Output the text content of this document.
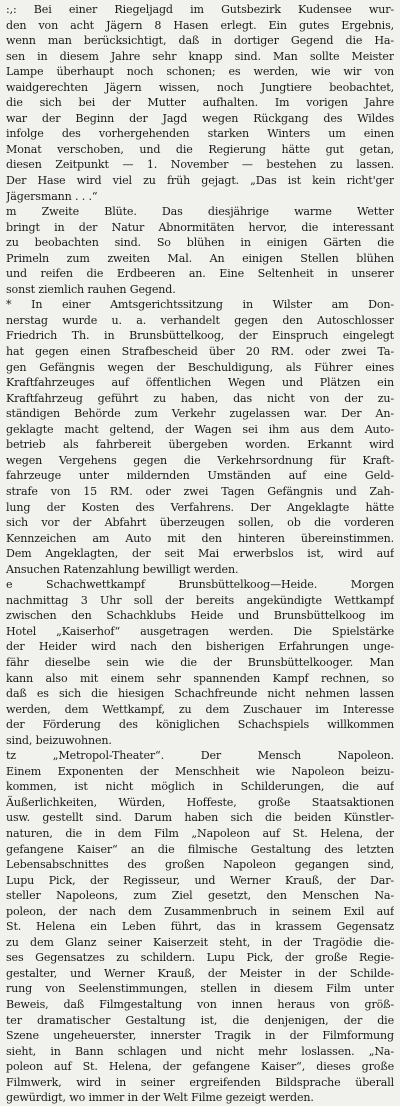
:,: Bei einer Riegeljagd im Gutsbezirk Kudensee wur-
den von acht Jägern 8 Hasen erlegt. Ein gutes Ergebnis,
wenn man berücksichtigt, daß in dortiger Gegend die Ha-
sen in diesem Jahre sehr knapp sind. Man sollte Meister
Lampe überhaupt noch schonen; es werden, wie wir von
waidgerechten Jägern wissen, noch Jungtiere beobachtet,
die sich bei der Mutter aufhalten. Im vorigen Jahre
war der Beginn der Jagd wegen Rückgang des Wildes
infolge des vorhergehenden starken Winters um einen
Monat verschoben, und die Regierung hätte gut getan,
diesen Zeitpunkt — 1. November — bestehen zu lassen.
Der Hase wird viel zu früh gejagt. „Das ist kein richt'ger
Jägersmann . . .“
m Zweite Blüte. Das diesjährige warme Wetter
bringt in der Natur Abnormitäten hervor, die interessant
zu beobachten sind. So blühen in einigen Gärten die
Primeln zum zweiten Mal. An einigen Stellen blühen
und reifen die Erdbeeren an. Eine Seltenheit in unserer
sonst ziemlich rauhen Gegend.
* In einer Amtsgerichtssitzung in Wilster am Don-
nerstag wurde u. a. verhandelt gegen den Autoschlosser
Friedrich Th. in Brunsbüttelkoog, der Einspruch eingelegt
hat gegen einen Strafbescheid über 20 RM. oder zwei Ta-
gen Gefängnis wegen der Beschuldigung, als Führer eines
Kraftfahrzeuges auf öffentlichen Wegen und Plätzen ein
Kraftfahrzeug geführt zu haben, das nicht von der zu-
ständigen Behörde zum Verkehr zugelassen war. Der An-
geklagte macht geltend, der Wagen sei ihm aus dem Auto-
betrieb als fahrbereit übergeben worden. Erkannt wird
wegen Vergehens gegen die Verkehrsordnung für Kraft-
fahrzeuge unter mildernden Umständen auf eine Geld-
strafe von 15 RM. oder zwei Tagen Gefängnis und Zah-
lung der Kosten des Verfahrens. Der Angeklagte hätte
sich vor der Abfahrt überzeugen sollen, ob die vorderen
Kennzeichen am Auto mit den hinteren übereinstimmen.
Dem Angeklagten, der seit Mai erwerbslos ist, wird auf
Ansuchen Ratenzahlung bewilligt werden.
e Schachwettkampf Brunsbüttelkoog—Heide. Morgen
nachmittag 3 Uhr soll der bereits angekündigte Wettkampf
zwischen den Schachklubs Heide und Brunsbüttelkoog im
Hotel „Kaiserhof“ ausgetragen werden. Die Spielstärke
der Heider wird nach den bisherigen Erfahrungen unge-
fähr dieselbe sein wie die der Brunsbüttelkooger. Man
kann also mit einem sehr spannenden Kampf rechnen, so
daß es sich die hiesigen Schachfreunde nicht nehmen lassen
werden, dem Wettkampf, zu dem Zuschauer im Interesse
der Förderung des königlichen Schachspiels willkommen
sind, beizuwohnen.
tz „Metropol-Theater“. Der Mensch Napoleon.
Einem Exponenten der Menschheit wie Napoleon beizu-
kommen, ist nicht möglich in Schilderungen, die auf
Äußerlichkeiten, Würden, Hoffeste, große Staatsaktionen
usw. gestellt sind. Darum haben sich die beiden Künstler-
naturen, die in dem Film „Napoleon auf St. Helena, der
gefangene Kaiser“ an die filmische Gestaltung des letzten
Lebensabschnittes des großen Napoleon gegangen sind,
Lupu Pick, der Regisseur, und Werner Krauß, der Dar-
steller Napoleons, zum Ziel gesetzt, den Menschen Na-
poleon, der nach dem Zusammenbruch in seinem Exil auf
St. Helena ein Leben führt, das in krassem Gegensatz
zu dem Glanz seiner Kaiserzeit steht, in der Tragödie die-
ses Gegensatzes zu schildern. Lupu Pick, der große Regie-
gestalter, und Werner Krauß, der Meister in der Schilde-
rung von Seelenstimmungen, stellen in diesem Film unter
Beweis, daß Filmgestaltung von innen heraus von größ-
ter dramatischer Gestaltung ist, die denjenigen, der die
Szene ungeheuerster, innerster Tragik in der Filmformung
sieht, in Bann schlagen und nicht mehr loslassen. „Na-
poleon auf St. Helena, der gefangene Kaiser“, dieses große
Filmwerk, wird in seiner ergreifenden Bildsprache überall
gewürdigt, wo immer in der Welt Filme gezeigt werden.
